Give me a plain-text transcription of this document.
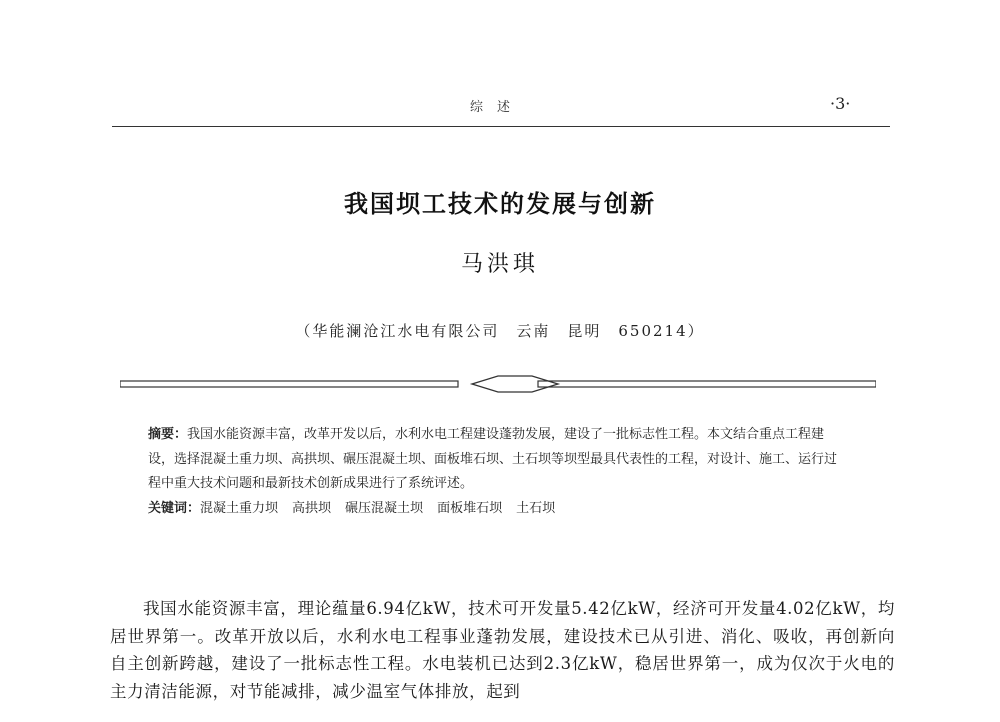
综述	·3·
我国坝工技术的发展与创新
马洪琪
（华能澜沧江水电有限公司　云南　昆明　650214）

摘要：我国水能资源丰富，改革开发以后，水利水电工程建设蓬勃发展，建设了一批标志性工程。本文结合重点工程建设，选择混凝土重力坝、高拱坝、碾压混凝土坝、面板堆石坝、土石坝等坝型最具代表性的工程，对设计、施工、运行过程中重大技术问题和最新技术创新成果进行了系统评述。

关键词：混凝土重力坝 高拱坝 碾压混凝土坝 面板堆石坝 土石坝

我国水能资源丰富，理论蕴量6.94亿kW，技术可开发量5.42亿kW，经济可开发量4.02亿kW，均居世界第一。改革开放以后，水利水电工程事业蓬勃发展，建设技术已从引进、消化、吸收，再创新向自主创新跨越，建设了一批标志性工程。水电装机已达到2.3亿kW，稳居世界第一，成为仅次于火电的主力清洁能源，对节能减排，减少温室气体排放，起到
